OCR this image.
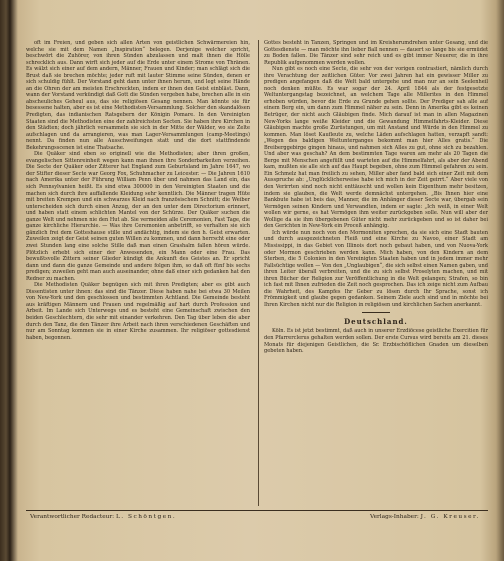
oft im Freien, und geben sich allen Arten von geistlichen Schwärmereien hin, welche sie mit dem Namen „Inspiration“ belegen. Derjenige welcher spricht, beschwört die Zuhörer, von ihren Sünden abzulassen und malt ihnen die Hölle schrecklich aus. Dann wirft sich jeder auf die Erde unter einem Strome von Thränen. Es wälzt sich einer auf dem andern, Männer, Frauen und Kinder; man schlägt sich die Brust daß sie brechen möchte; jeder ruft mit lauter Stimme seine Sünden, denen er sich schuldig fühlt. Der Vorstand geht dann unter ihnen herum, und legt seine Hände an die Ohren der am meisten Erschreckten, indem er ihnen den Geist einbläst. Dann, wann der Vorstand verkündigt daß Gott die Sünden vergeben habe, brechen alle in ein abscheuliches Geheul aus, das sie religiösen Gesang nennen. Man könnte sie für besessene halten, aber es ist eine Methodisten-Versammlung. Solcher den skandalösen Predigten, das indianischen Ratsgebern der Königin Pomare. In den Vereinigten Staaten sind die Methodisten eine der zahlreichsten Secten. Sie haben ihre Kirchen in den Städten; doch jährlich versammeln sie sich in der Mitte der Wälder, wo sie Zelte aufschlagen und da arrangieren, was man Lager-Versammlungen (camp-Meetings) nennt. Da finden nun alle Ausschweifungen statt und die dort stattfindende Bekehrungsscenen ist eine Thatsache.

Die Quäker sind eben so originell wie die Methodisten; aber ihren großen, evangelischen Sittenreinheit wegen kann man ihnen ihre Sonderbarkeiten verzeihen. Die Secte der Quäker oder Zitterer hat England zum Geburtsland im Jahre 1647, wo der Stifter dieser Secte war Georg Fox, Schuhmacher zu Leicester. — Die Jahren 1610 nach Amerika unter der Führung William Penn über und nahmen das Land ein, das sich Pennsylvanien heißt. Es sind etwa 300000 in den Vereinigten Staaten und die machen sich durch ihre auffallende Kleidung sehr kenntlich. Die Männer tragen Hüte mit breiten Krempen und ein schwarzes Kleid nach französischem Schnitt; die Weiber unterscheiden sich durch einen Anzug, der an den unter dem Directorium erinnert, und haben statt einem schlichten Mantel von der Schürze. Der Quäker suchen die ganze Welt und nehmen nie den Hut ab. Sie vermeiden alle Ceremonien, Fast Tage, die ganze kirchliche Hierarchie. — Was ihre Ceremonien anbetrifft, so verhalten sie sich gänzlich frei dem Gotteshause stille und andächtig, indem sie den h. Geist erwarten. Zuweilen zeigt der Geist seinen guten Willen zu kommen, und dann herrscht eine oder zwei Stunden lang eine solche Stille daß man einen Grashalm fallen hören würde. Plötzlich erhebt sich einer der Anwesenden, ein Mann oder eine Frau. Das bewußtsvolle Zittern seiner Glieder kündigt die Ankunft des Geistes an. Er spricht dann und dann die ganze Gemeinde und andere folgen ihm, so daß oft fünf bis sechs predigen; zuweilen geht man auch auseinander, ohne daß einer sich gedanken hat den Redner zu machen.

Die Methodisten Quäker begnügen sich mit ihren Predigten; aber es gibt auch Dissentisten unter ihnen: das sind die Tänzer. Diese haben nahe bei etwa 30 Meilen von New-York und den geschlossen und bestimmten Achtland. Die Gemeinde besteht aus kräftigen Männern und Frauen und regelmäßig auf hart durch Profession und Arbeit. Im Lande sich Unterwegs und es besteht eine Gemeinschaft zwischen den beiden Geschlechtern, die sehr mit einander verkehren. Den Tag über leben die aber durch den Tanz, die den Tänzer ihre Arbeit nach ihren verschiedenen Geschäften und nur am Sonntag kommen sie in einer Kirche zusammen. Ihr religiöser gottesdienst haben, begonnen.

Gottes besteht in Tanzen, Springen und im Kreisherumdrehen unter Gesang, und die Gottesdienste — man möchte ihn lieber Ball nennen — dauert so lange bis sie ermüdet zu Boden fallen. Die Tänzer sind sehr reich und es gibt immer Neuerer, die in ihre Republik aufgenommen werden wollen.

Nun gibt es noch eine Secte, die sehr von der vorigen contrastiert, nämlich durch ihre Verachtung der zeitlichen Güter. Vor zwei Jahren hat ein gewisser Miller zu predigen angefangen daß die Welt bald untergehe und man nur an sein Seelenheil noch denken müßte. Es war sogar der 24. April 1844 als der festgesetzte Weltuntergangstag bezeichnet, an welchem Tage alle Millerites in den Himmel erhoben würden, bevor die Erde zu Grunde gehen sollte. Der Prediger sah alle auf einem Berg ein, um dann zum Himmel näher zu sein. Denn in Amerika gibt es keinen Betrüger, der nicht auch Gläubigen finde. Mich darauf ist man in allen Magazinen New-Yorks lange weiße Kleider und die Gewandung Himmelfahrts-Kleider. Diese Gläubigen machte große Zurüstungen, um mit Anstand und Würde in den Himmel zu kommen. Man löset Kaufleute zu, welche Läden aufschlagen hatten, verzapft sandt: „Wegen des baldigen Weltunterganges bekommt man hier Alles gratis.“ Die Breiberggebirge gingen hinaus, und nahmen sich Alles zu gut, ohne sich zu bezahlen. Und aber was geschah? An dem bestimmten Tage waren am mehr als 20 Tagen die Berge mit Menschen angefüllt und warteten auf die Himmelfahrt, als aber der Abend kam, mußten sie alle sich auf das Haupt begeben, ohne zum Himmel gefahren zu sein. Ein Schmelz hat man freilich zu sehen, Miller aber fand bald sich einer Zeit mit dem Ausspruche ab: „Unglücklicherweise habe ich mich in der Zeit geirrt.“ Aber viele von den Verirrten sind noch nicht enttäuscht und wollen kein Eigenthum mehr besitzen, indem sie glauben, die Welt werde demnächst untergehen. „Bis Ihnen hier eine Bankbute habe ist beis das, Manner, die im Anhänger dieser Secte war, übergab sein Vermögen seinen Kindern und Verwandten, indem er sagte: „Ich weiß, in einer Welt wollen wir gerne, es hat Vermögen ihm weiter zurückgeben solle. Nun will aber der Wollige da sie ihm übergebenen Güter nicht mehr zurückgeben und so ist daher bei den Gerichten in New-York ein Proceß anhängig.

Ich würde nun noch von den Mormoniten sprechen, da sie sich eine Stadt bauten und durch ausgezeichneten Fleiß und eine Kirche zu Navoo, einer Stadt am Mississippi, in das Gebiet von Illinois dort noch gebaut haben, und von Nuova-York oder Mormon geschrieben werden kann. Mich haben, von den Kindern an dem Sterben, die 5 Colonien in den Vereinigten Staaten haben und in jedem immer mehr Fallsüchtige wollen — Von den „Unglaubigen“, die sich selbst einen Namen gaben, und ihren Leiter überall verbreiten, und die zu sich selbst Proselyten machen, und mit ihren Bücher der Religion zur Veröffentlichung in die Welt gelangen; Strafen, so bin ich fast mit Ihnen zufrieden die Zeit noch gesprochen. Das ich zeige nicht zum Aufbau die Wahrheit, des Kampfes Ihr Geber zu lösen durch Ihr Sprache, sonst ich Frömmigkeit und glaube gegen gedanken. Seinem Ziele auch sind und in möchte bei Ihren Kirchen nicht nur die Religion in religiösen und kirchlichen Sachen anerkannt.

Deutschland.

Köln. Es ist jetzt bestimmt, daß auch in unserer Erzdiöcese geistliche Exercitien für den Pfarrerclerus gehalten werden sollen. Der erste Cursus wird bereits am 21. dieses Monats für diejenigen Geistlichen, die Sr. Erzbischöflichen Gnaden um dieselben gebeten haben.

Verantwortlicher Redacteur: L. Schöntgen.	Verlags-Inhaber: J. G. Kreuser.
